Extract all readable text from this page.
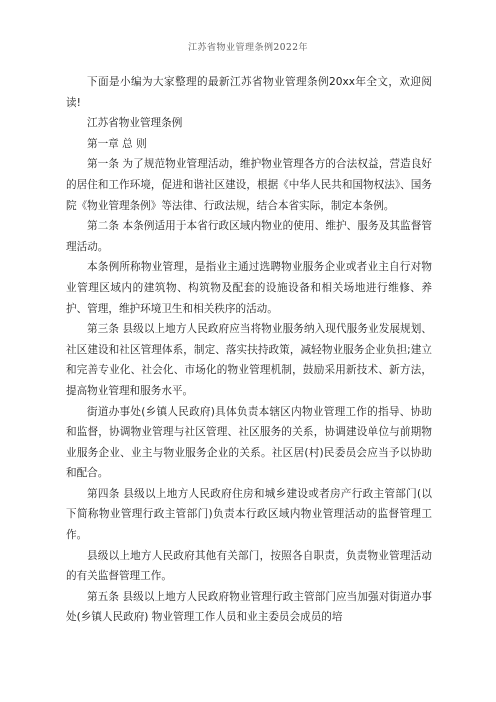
江苏省物业管理条例2022年

下面是小编为大家整理的最新江苏省物业管理条例20xx年全文，欢迎阅读!

江苏省物业管理条例

第一章 总 则

第一条 为了规范物业管理活动，维护物业管理各方的合法权益，营造良好的居住和工作环境，促进和谐社区建设，根据《中华人民共和国物权法》、国务院《物业管理条例》等法律、行政法规，结合本省实际，制定本条例。

第二条 本条例适用于本省行政区域内物业的使用、维护、服务及其监督管理活动。

本条例所称物业管理，是指业主通过选聘物业服务企业或者业主自行对物业管理区域内的建筑物、构筑物及配套的设施设备和相关场地进行维修、养护、管理，维护环境卫生和相关秩序的活动。

第三条 县级以上地方人民政府应当将物业服务纳入现代服务业发展规划、社区建设和社区管理体系，制定、落实扶持政策，减轻物业服务企业负担;建立和完善专业化、社会化、市场化的物业管理机制，鼓励采用新技术、新方法，提高物业管理和服务水平。

街道办事处(乡镇人民政府)具体负责本辖区内物业管理工作的指导、协助和监督，协调物业管理与社区管理、社区服务的关系，协调建设单位与前期物业服务企业、业主与物业服务企业的关系。社区居(村)民委员会应当予以协助和配合。

第四条 县级以上地方人民政府住房和城乡建设或者房产行政主管部门(以下简称物业管理行政主管部门)负责本行政区域内物业管理活动的监督管理工作。

县级以上地方人民政府其他有关部门，按照各自职责，负责物业管理活动的有关监督管理工作。

第五条 县级以上地方人民政府物业管理行政主管部门应当加强对街道办事处(乡镇人民政府) 物业管理工作人员和业主委员会成员的培
